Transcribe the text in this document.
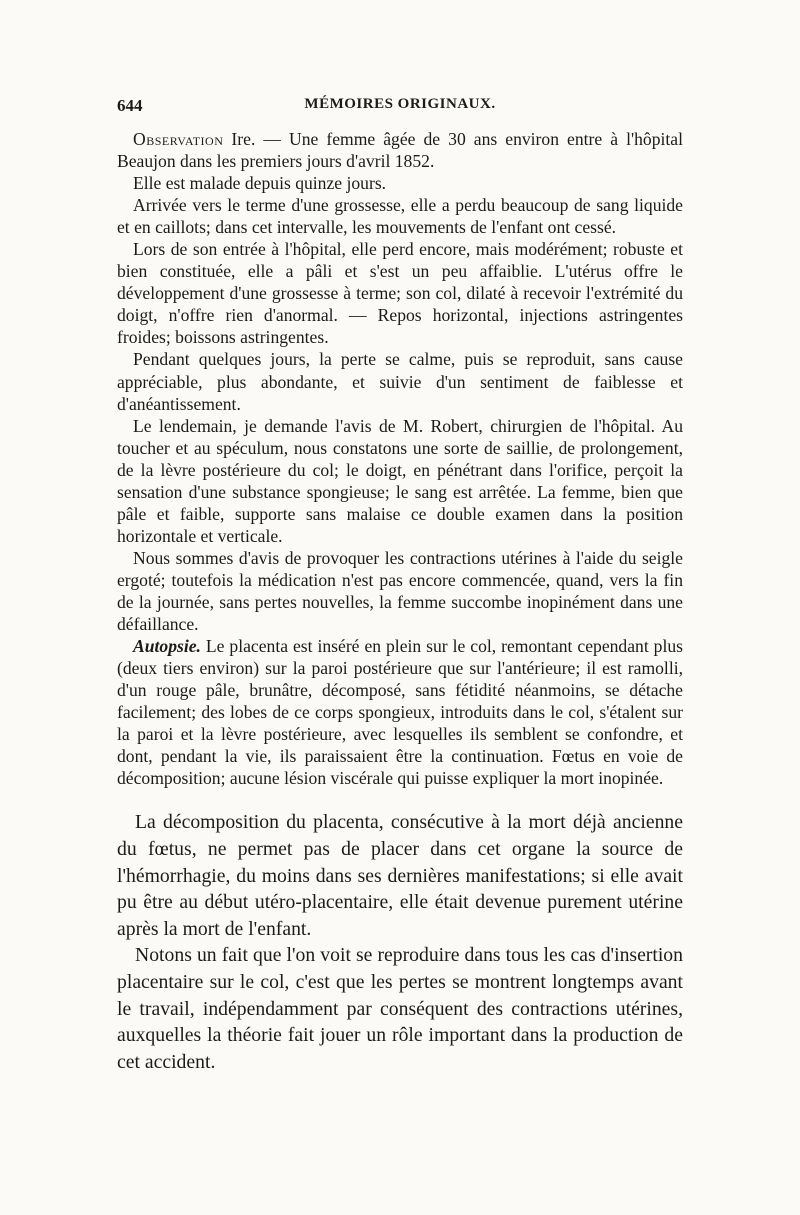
644	MÉMOIRES ORIGINAUX.

Observation Ire. — Une femme âgée de 30 ans environ entre à l'hôpital Beaujon dans les premiers jours d'avril 1852.

Elle est malade depuis quinze jours.

Arrivée vers le terme d'une grossesse, elle a perdu beaucoup de sang liquide et en caillots; dans cet intervalle, les mouvements de l'enfant ont cessé.

Lors de son entrée à l'hôpital, elle perd encore, mais modérément; robuste et bien constituée, elle a pâli et s'est un peu affaiblie. L'utérus offre le développement d'une grossesse à terme; son col, dilaté à recevoir l'extrémité du doigt, n'offre rien d'anormal. — Repos horizontal, injections astringentes froides; boissons astringentes.

Pendant quelques jours, la perte se calme, puis se reproduit, sans cause appréciable, plus abondante, et suivie d'un sentiment de faiblesse et d'anéantissement.

Le lendemain, je demande l'avis de M. Robert, chirurgien de l'hôpital. Au toucher et au spéculum, nous constatons une sorte de saillie, de prolongement, de la lèvre postérieure du col; le doigt, en pénétrant dans l'orifice, perçoit la sensation d'une substance spongieuse; le sang est arrêtée. La femme, bien que pâle et faible, supporte sans malaise ce double examen dans la position horizontale et verticale.

Nous sommes d'avis de provoquer les contractions utérines à l'aide du seigle ergoté; toutefois la médication n'est pas encore commencée, quand, vers la fin de la journée, sans pertes nouvelles, la femme succombe inopinément dans une défaillance.

Autopsie. Le placenta est inséré en plein sur le col, remontant cependant plus (deux tiers environ) sur la paroi postérieure que sur l'antérieure; il est ramolli, d'un rouge pâle, brunâtre, décomposé, sans fétidité néanmoins, se détache facilement; des lobes de ce corps spongieux, introduits dans le col, s'étalent sur la paroi et la lèvre postérieure, avec lesquelles ils semblent se confondre, et dont, pendant la vie, ils paraissaient être la continuation. Fœtus en voie de décomposition; aucune lésion viscérale qui puisse expliquer la mort inopinée.

La décomposition du placenta, consécutive à la mort déjà ancienne du fœtus, ne permet pas de placer dans cet organe la source de l'hémorrhagie, du moins dans ses dernières manifestations; si elle avait pu être au début utéro-placentaire, elle était devenue purement utérine après la mort de l'enfant.

Notons un fait que l'on voit se reproduire dans tous les cas d'insertion placentaire sur le col, c'est que les pertes se montrent longtemps avant le travail, indépendamment par conséquent des contractions utérines, auxquelles la théorie fait jouer un rôle important dans la production de cet accident.
